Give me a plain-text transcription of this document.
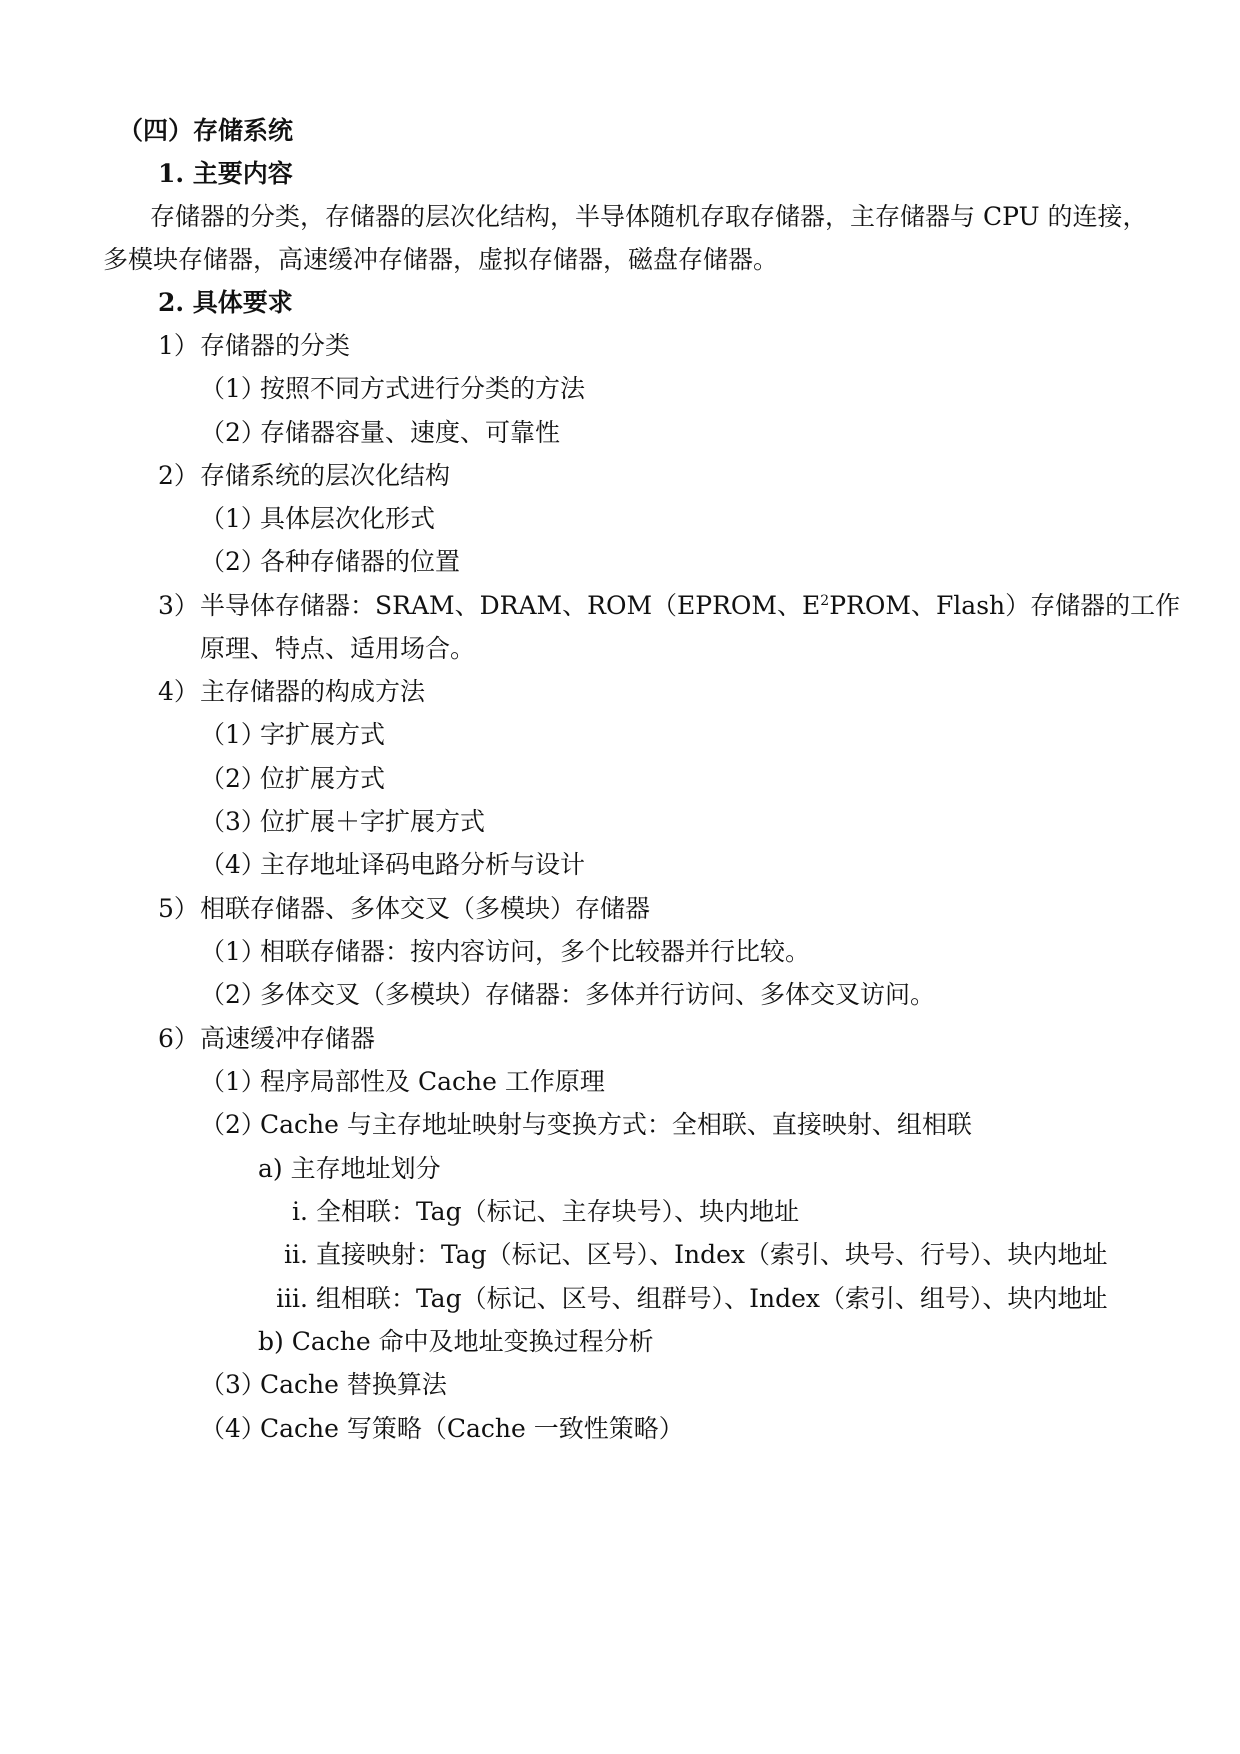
（四）存储系统
1. 主要内容
存储器的分类，存储器的层次化结构，半导体随机存取存储器，主存储器与 CPU 的连接，
多模块存储器，高速缓冲存储器，虚拟存储器，磁盘存储器。
2. 具体要求
1）存储器的分类
（1）按照不同方式进行分类的方法
（2）存储器容量、速度、可靠性
2）存储系统的层次化结构
（1）具体层次化形式
（2）各种存储器的位置
3）半导体存储器：SRAM、DRAM、ROM（EPROM、$E^2PROM$、Flash）存储器的工作
原理、特点、适用场合。
4）主存储器的构成方法
（1）字扩展方式
（2）位扩展方式
（3）位扩展＋字扩展方式
（4）主存地址译码电路分析与设计
5）相联存储器、多体交叉（多模块）存储器
（1）相联存储器：按内容访问，多个比较器并行比较。
（2）多体交叉（多模块）存储器：多体并行访问、多体交叉访问。
6）高速缓冲存储器
（1）程序局部性及 Cache 工作原理
（2）Cache 与主存地址映射与变换方式：全相联、直接映射、组相联
a) 主存地址划分
i. 全相联：Tag（标记、主存块号）、块内地址
ii. 直接映射：Tag（标记、区号）、Index（索引、块号、行号）、块内地址
iii. 组相联：Tag（标记、区号、组群号）、Index（索引、组号）、块内地址
b) Cache 命中及地址变换过程分析
（3）Cache 替换算法
（4）Cache 写策略（Cache 一致性策略）
